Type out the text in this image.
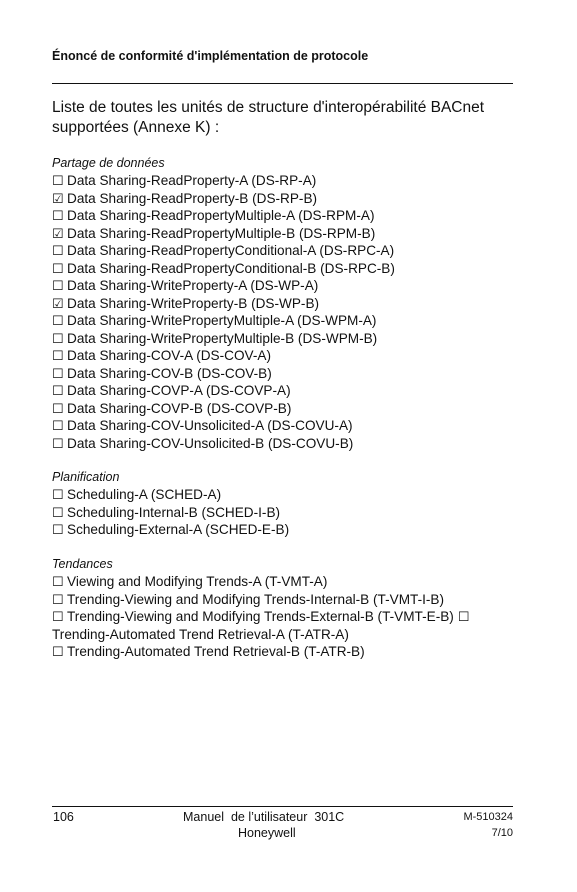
Énoncé de conformité d'implémentation de protocole
Liste de toutes les unités de structure d'interopérabilité BACnet supportées (Annexe K) :
Partage de données
☐ Data Sharing-ReadProperty-A (DS-RP-A)
☑ Data Sharing-ReadProperty-B (DS-RP-B)
☐ Data Sharing-ReadPropertyMultiple-A (DS-RPM-A)
☑ Data Sharing-ReadPropertyMultiple-B (DS-RPM-B)
☐ Data Sharing-ReadPropertyConditional-A (DS-RPC-A)
☐ Data Sharing-ReadPropertyConditional-B (DS-RPC-B)
☐ Data Sharing-WriteProperty-A (DS-WP-A)
☑ Data Sharing-WriteProperty-B (DS-WP-B)
☐ Data Sharing-WritePropertyMultiple-A (DS-WPM-A)
☐ Data Sharing-WritePropertyMultiple-B (DS-WPM-B)
☐ Data Sharing-COV-A (DS-COV-A)
☐ Data Sharing-COV-B (DS-COV-B)
☐ Data Sharing-COVP-A (DS-COVP-A)
☐ Data Sharing-COVP-B (DS-COVP-B)
☐ Data Sharing-COV-Unsolicited-A (DS-COVU-A)
☐ Data Sharing-COV-Unsolicited-B (DS-COVU-B)
Planification
☐ Scheduling-A (SCHED-A)
☐ Scheduling-Internal-B (SCHED-I-B)
☐ Scheduling-External-A (SCHED-E-B)
Tendances
☐ Viewing and Modifying Trends-A (T-VMT-A)
☐ Trending-Viewing and Modifying Trends-Internal-B (T-VMT-I-B)
☐ Trending-Viewing and Modifying Trends-External-B (T-VMT-E-B) ☐
Trending-Automated Trend Retrieval-A (T-ATR-A)
☐ Trending-Automated Trend Retrieval-B (T-ATR-B)
106	Manuel  de l’utilisateur  301C
Honeywell
M-510324
7/10
